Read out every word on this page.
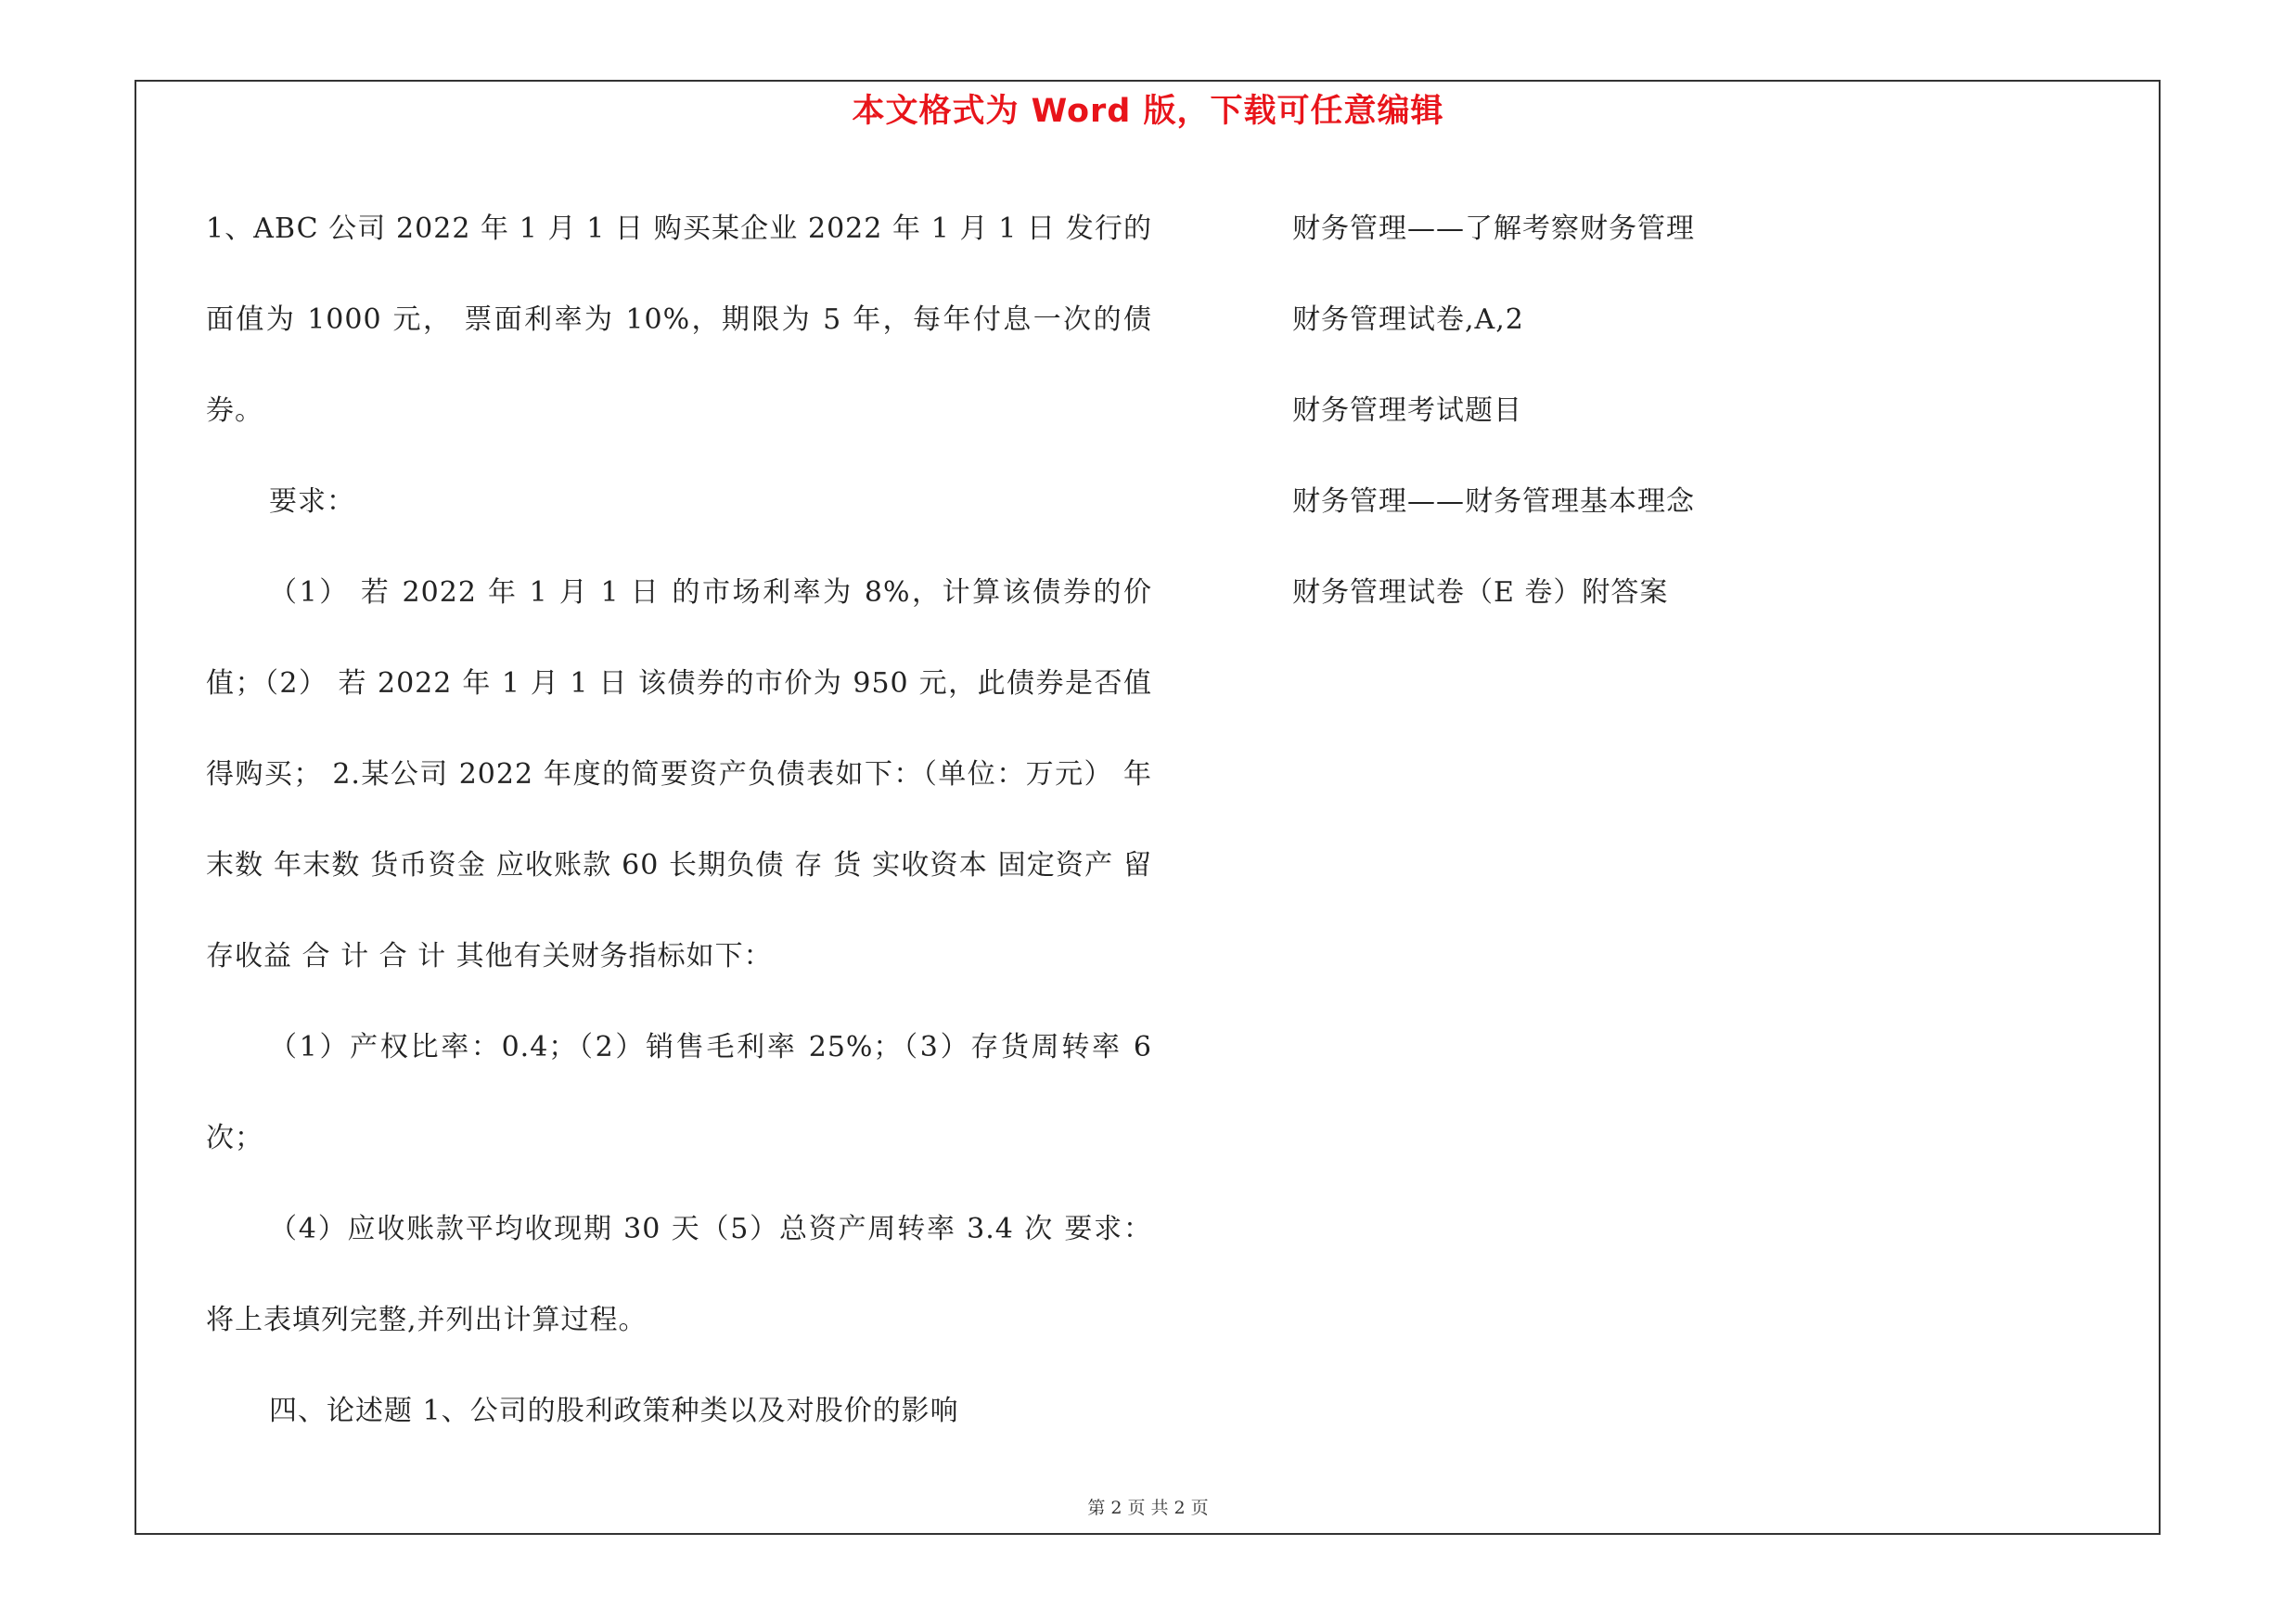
本文格式为 Word 版，下载可任意编辑

1、ABC 公司 2022 年 1 月 1 日 购买某企业 2022 年 1 月 1 日 发行的面值为 1000 元， 票面利率为 10%，期限为 5 年，每年付息一次的债券。

要求：

（1） 若 2022 年 1 月 1 日 的市场利率为 8%，计算该债券的价值；（2） 若 2022 年 1 月 1 日 该债券的市价为 950 元，此债券是否值得购买； 2.某公司 2022 年度的简要资产负债表如下：（单位：万元） 年末数 年末数 货币资金 应收账款 60 长期负债 存 货 实收资本 固定资产 留存收益 合 计 合 计 其他有关财务指标如下：

（1）产权比率：0.4；（2）销售毛利率 25%；（3）存货周转率 6 次；

（4）应收账款平均收现期 30 天（5）总资产周转率 3.4 次 要求：将上表填列完整,并列出计算过程。

四、论述题 1、公司的股利政策种类以及对股价的影响

财务管理——了解考察财务管理

财务管理试卷,A,2

财务管理考试题目

财务管理——财务管理基本理念

财务管理试卷（E 卷）附答案

第 2 页 共 2 页
